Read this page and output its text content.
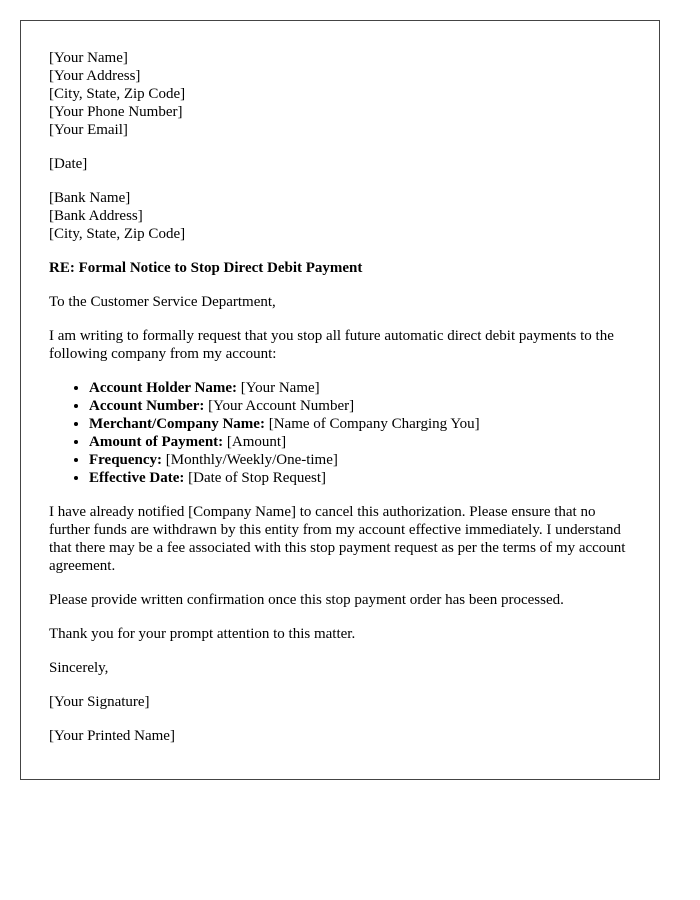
[Your Name]
[Your Address]
[City, State, Zip Code]
[Your Phone Number]
[Your Email]
[Date]
[Bank Name]
[Bank Address]
[City, State, Zip Code]
RE: Formal Notice to Stop Direct Debit Payment

To the Customer Service Department,

I am writing to formally request that you stop all future automatic direct debit payments to the following company from my account:

• Account Holder Name: [Your Name]
• Account Number: [Your Account Number]
• Merchant/Company Name: [Name of Company Charging You]
• Amount of Payment: [Amount]
• Frequency: [Monthly/Weekly/One-time]
• Effective Date: [Date of Stop Request]

I have already notified [Company Name] to cancel this authorization. Please ensure that no further funds are withdrawn by this entity from my account effective immediately. I understand that there may be a fee associated with this stop payment request as per the terms of my account agreement.

Please provide written confirmation once this stop payment order has been processed.

Thank you for your prompt attention to this matter.

Sincerely,

[Your Signature]

[Your Printed Name]
